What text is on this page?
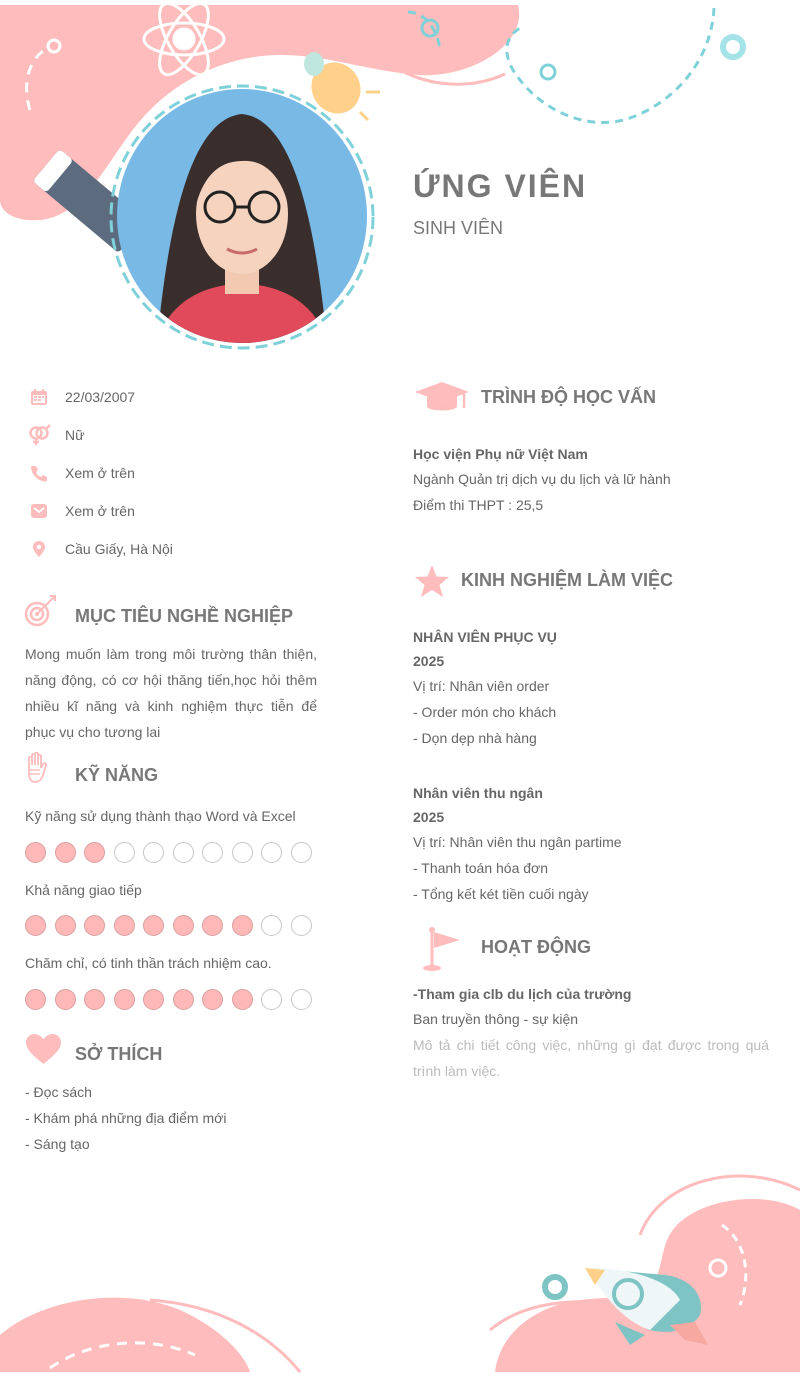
ỨNG VIÊN
SINH VIÊN
22/03/2007
Nữ
Xem ở trên
Xem ở trên
Cầu Giấy, Hà Nội
MỤC TIÊU NGHỀ NGHIỆP
Mong muốn làm trong môi trường thân thiện, năng động, có cơ hội thăng tiến,học hỏi thêm nhiều kĩ năng và kinh nghiệm thực tiễn để phục vụ cho tương lai
KỸ NĂNG
Kỹ năng sử dụng thành thạo Word và Excel
Khả năng giao tiếp
Chăm chỉ, có tinh thần trách nhiệm cao.
SỞ THÍCH
- Đọc sách
- Khám phá những địa điểm mới
- Sáng tạo
TRÌNH ĐỘ HỌC VẤN
Học viện Phụ nữ Việt Nam
Ngành Quản trị dịch vụ du lịch và lữ hành
Điểm thi THPT : 25,5
KINH NGHIỆM LÀM VIỆC
NHÂN VIÊN PHỤC VỤ
2025
Vị trí: Nhân viên order
- Order món cho khách
- Dọn dẹp nhà hàng
Nhân viên thu ngân
2025
Vị trí: Nhân viên thu ngân partime
- Thanh toán hóa đơn
- Tổng kết két tiền cuối ngày
HOẠT ĐỘNG
-Tham gia clb du lịch của trường
Ban truyền thông - sự kiện
Mô tả chi tiết công việc, những gì đạt được trong quá trình làm việc.
